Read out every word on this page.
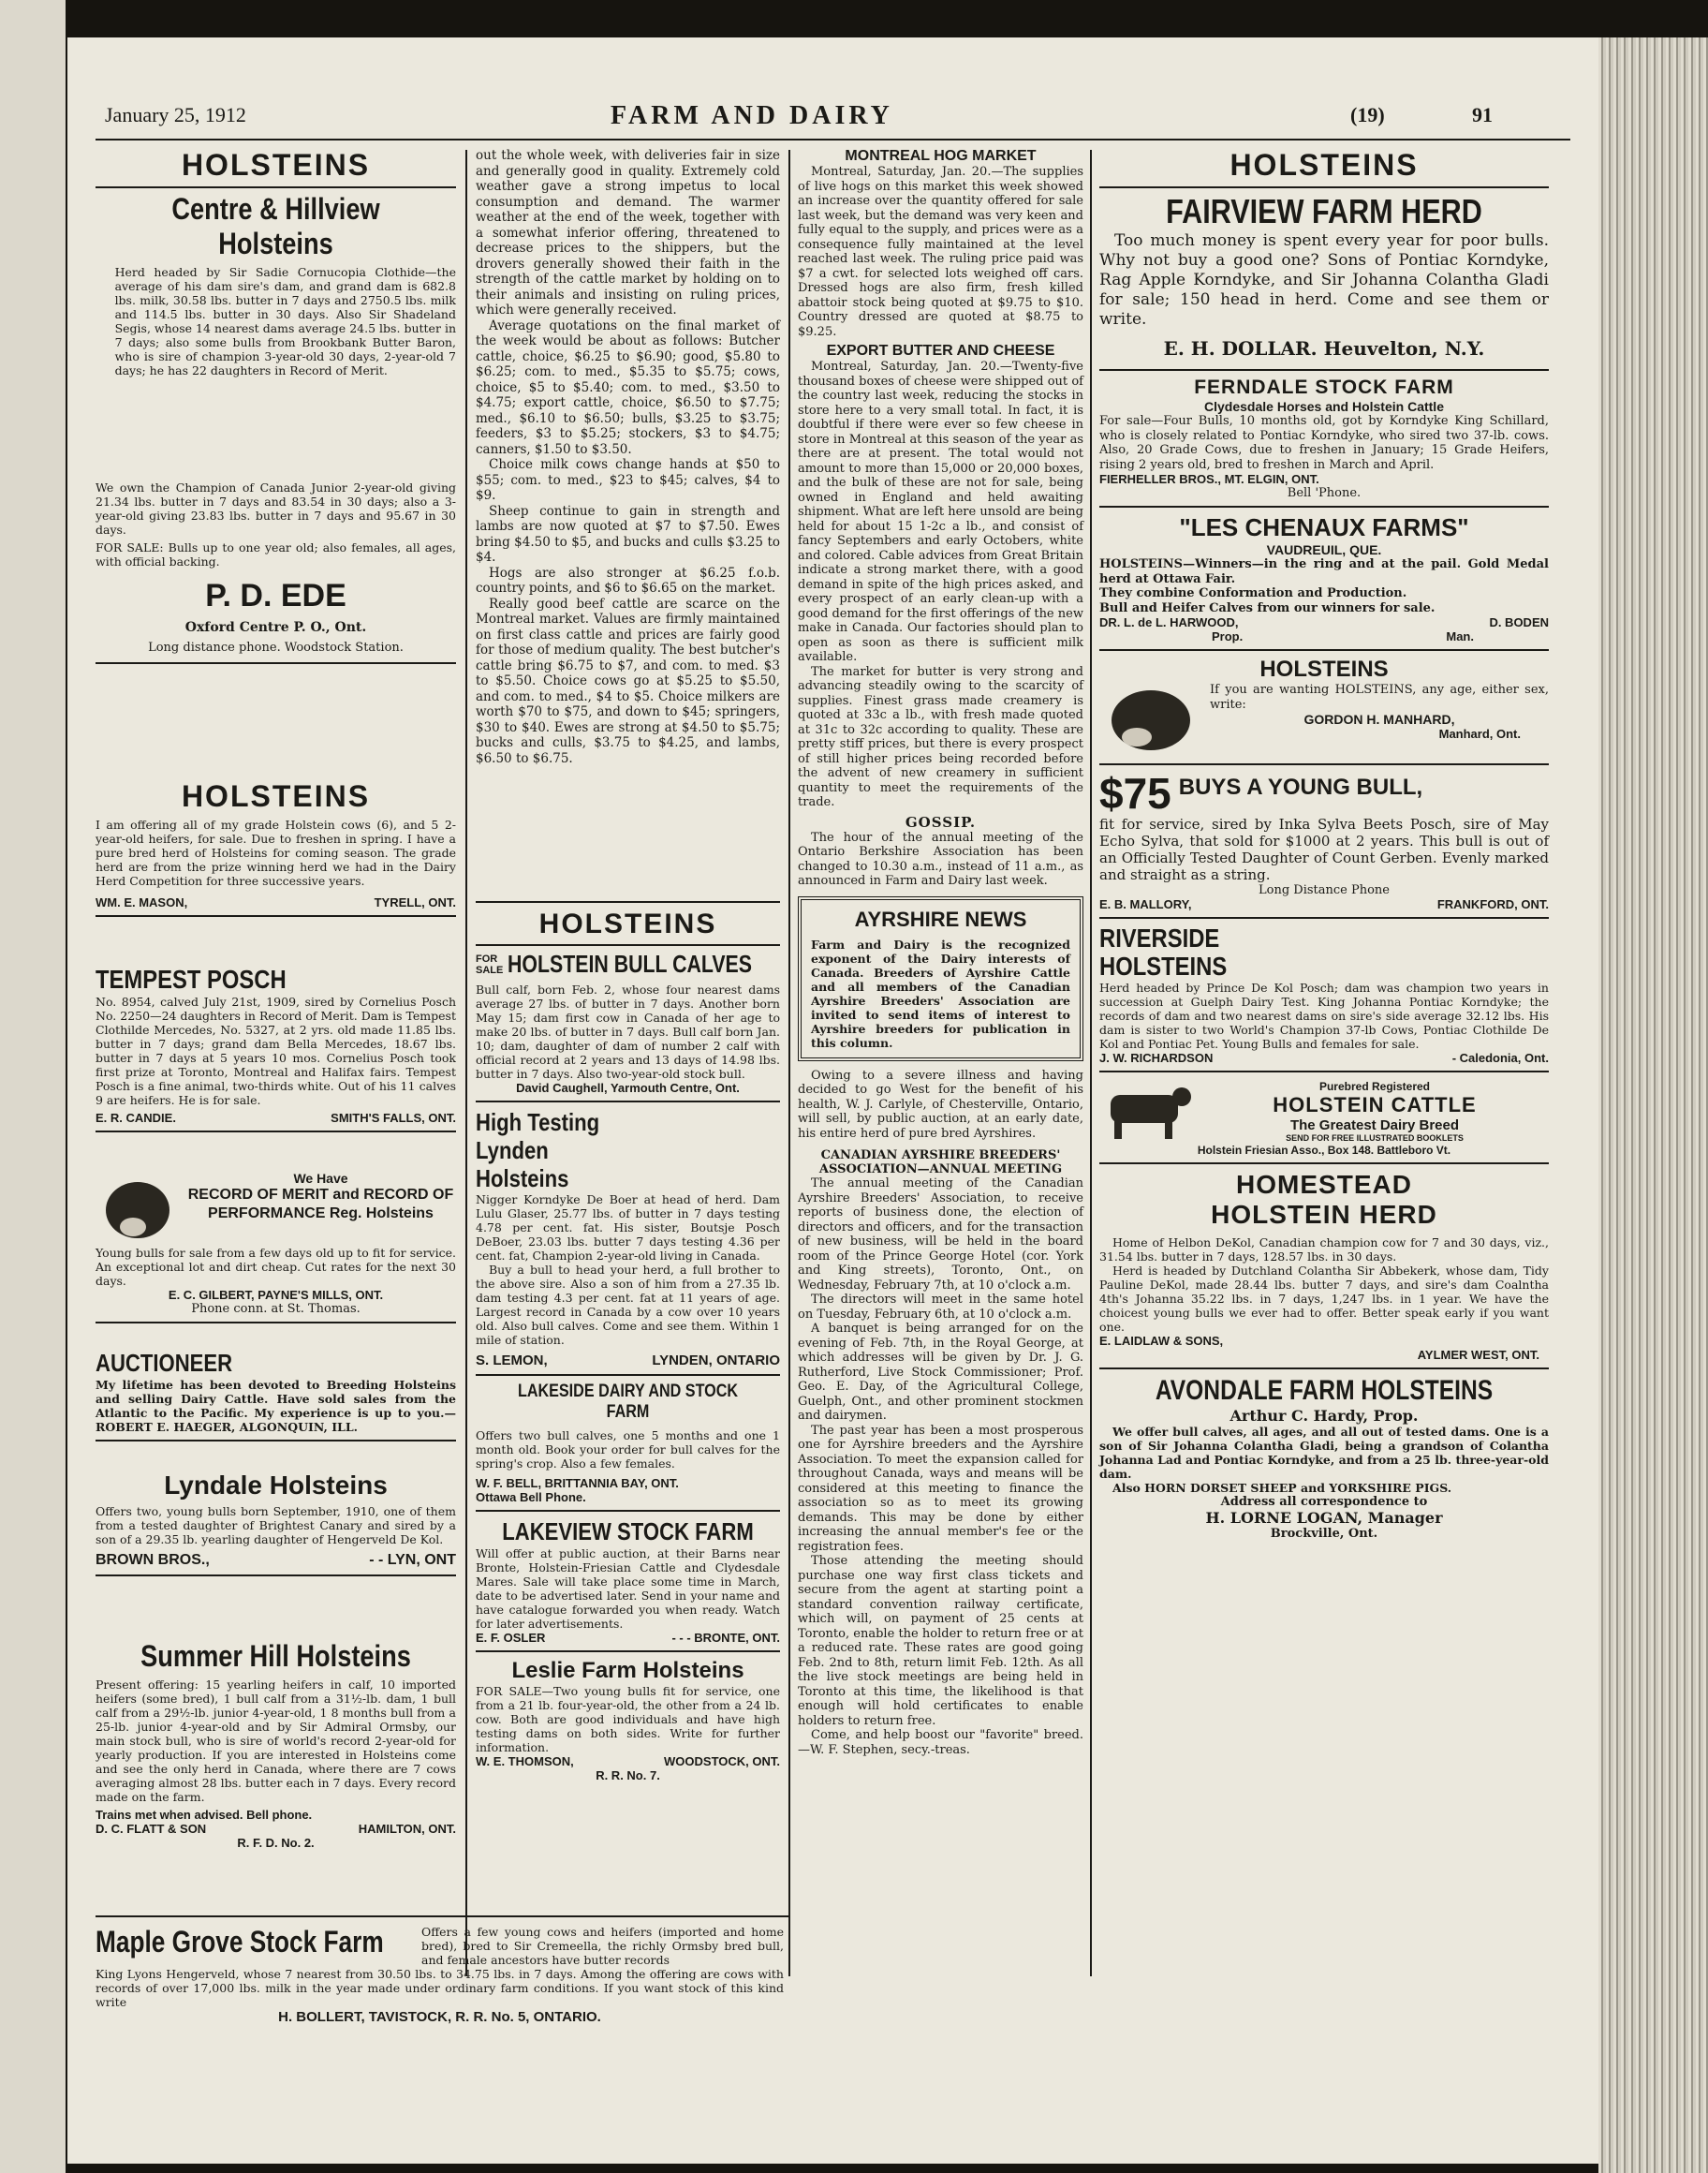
January 25, 1912	FARM AND DAIRY	(19)	91
HOLSTEINS
Centre & Hillview Holsteins

Herd headed by Sir Sadie Cornucopia Clothide—the average of his dam sire's dam, and grand dam is 682.8 lbs. milk, 30.58 lbs. butter in 7 days and 2750.5 lbs. milk and 114.5 lbs. butter in 30 days. Also Sir Shadeland Segis, whose 14 nearest dams average 24.5 lbs. butter in 7 days; also some bulls from Brookbank Butter Baron, who is sire of champion 3-year-old 30 days, 2-year-old 7 days; he has 22 daughters in Record of Merit.

We own the Champion of Canada Junior 2-year-old giving 21.34 lbs. butter in 7 days and 83.54 in 30 days; also a 3-year-old giving 23.83 lbs. butter in 7 days and 95.67 in 30 days.

FOR SALE: Bulls up to one year old; also females, all ages, with official backing.

P. D. EDE
Oxford Centre P. O., Ont.
Long distance phone. Woodstock Station.
HOLSTEINS

I am offering all of my grade Holstein cows (6), and 5 2-year-old heifers, for sale. Due to freshen in spring. I have a pure bred herd of Holsteins for coming season. The grade herd are from the prize winning herd we had in the Dairy Herd Competition for three successive years.

WM. E. MASON,	TYRELL, ONT.
TEMPEST POSCH

No. 8954, calved July 21st, 1909, sired by Cornelius Posch No. 2250—24 daughters in Record of Merit. Dam is Tempest Clothilde Mercedes, No. 5327, at 2 yrs. old made 11.85 lbs. butter in 7 days; grand dam Bella Mercedes, 18.67 lbs. butter in 7 days at 5 years 10 mos. Cornelius Posch took first prize at Toronto, Montreal and Halifax fairs. Tempest Posch is a fine animal, two-thirds white. Out of his 11 calves 9 are heifers. He is for sale.

E. R. CANDIE.	SMITH'S FALLS, ONT.
We Have
RECORD OF MERIT and RECORD OF PERFORMANCE Reg. Holsteins

Young bulls for sale from a few days old up to fit for service. An exceptional lot and dirt cheap. Cut rates for the next 30 days.

E. C. GILBERT, PAYNE'S MILLS, ONT.
Phone conn. at St. Thomas.
AUCTIONEER

My lifetime has been devoted to Breeding Holsteins and selling Dairy Cattle. Have sold sales from the Atlantic to the Pacific. My experience is up to you.—ROBERT E. HAEGER, ALGONQUIN, ILL.

Lyndale Holsteins

Offers two, young bulls born September, 1910, one of them from a tested daughter of Brightest Canary and sired by a son of a 29.35 lb. yearling daughter of Hengerveld De Kol.

BROWN BROS.,	- - LYN, ONT
Summer Hill Holsteins

Present offering: 15 yearling heifers in calf, 10 imported heifers (some bred), 1 bull calf from a 31½-lb. dam, 1 bull calf from a 29½-lb. junior 4-year-old, 1 8 months bull from a 25-lb. junior 4-year-old and by Sir Admiral Ormsby, our main stock bull, who is sire of world's record 2-year-old for yearly production. If you are interested in Holsteins come and see the only herd in Canada, where there are 7 cows averaging almost 28 lbs. butter each in 7 days. Every record made on the farm.

Trains met when advised. Bell phone.
D. C. FLATT & SON	HAMILTON, ONT.
R. F. D. No. 2.

out the whole week, with deliveries fair in size and generally good in quality. Extremely cold weather gave a strong impetus to local consumption and demand. The warmer weather at the end of the week, together with a somewhat inferior offering, threatened to decrease prices to the shippers, but the drovers generally showed their faith in the strength of the cattle market by holding on to their animals and insisting on ruling prices, which were generally received.

Average quotations on the final market of the week would be about as follows: Butcher cattle, choice, $6.25 to $6.90; good, $5.80 to $6.25; com. to med., $5.35 to $5.75; cows, choice, $5 to $5.40; com. to med., $3.50 to $4.75; export cattle, choice, $6.50 to $7.75; med., $6.10 to $6.50; bulls, $3.25 to $3.75; feeders, $3 to $5.25; stockers, $3 to $4.75; canners, $1.50 to $3.50.

Choice milk cows change hands at $50 to $55; com. to med., $23 to $45; calves, $4 to $9.

Sheep continue to gain in strength and lambs are now quoted at $7 to $7.50. Ewes bring $4.50 to $5, and bucks and culls $3.25 to $4.

Hogs are also stronger at $6.25 f.o.b. country points, and $6 to $6.65 on the market.

Really good beef cattle are scarce on the Montreal market. Values are firmly maintained on first class cattle and prices are fairly good for those of medium quality. The best butcher's cattle bring $6.75 to $7, and com. to med. $3 to $5.50. Choice cows go at $5.25 to $5.50, and com. to med., $4 to $5. Choice milkers are worth $70 to $75, and down to $45; springers, $30 to $40. Ewes are strong at $4.50 to $5.75; bucks and culls, $3.75 to $4.25, and lambs, $6.50 to $6.75.

HOLSTEINS
FOR SALE HOLSTEIN BULL CALVES

Bull calf, born Feb. 2, whose four nearest dams average 27 lbs. of butter in 7 days. Another born May 15; dam first cow in Canada of her age to make 20 lbs. of butter in 7 days. Bull calf born Jan. 10; dam, daughter of dam of number 2 calf with official record at 2 years and 13 days of 14.98 lbs. butter in 7 days. Also two-year-old stock bull.

David Caughell, Yarmouth Centre, Ont.
High Testing Lynden Holsteins

Nigger Korndyke De Boer at head of herd. Dam Lulu Glaser, 25.77 lbs. of butter in 7 days testing 4.78 per cent. fat. His sister, Boutsje Posch DeBoer, 23.03 lbs. butter 7 days testing 4.36 per cent. fat, Champion 2-year-old living in Canada.

Buy a bull to head your herd, a full brother to the above sire. Also a son of him from a 27.35 lb. dam testing 4.3 per cent. fat at 11 years of age. Largest record in Canada by a cow over 10 years old. Also bull calves. Come and see them. Within 1 mile of station.

S. LEMON,	LYNDEN, ONTARIO
LAKESIDE DAIRY AND STOCK FARM

Offers two bull calves, one 5 months and one 1 month old. Book your order for bull calves for the spring's crop. Also a few females.

W. F. BELL, BRITTANNIA BAY, ONT.
Ottawa Bell Phone.
LAKEVIEW STOCK FARM

Will offer at public auction, at their Barns near Bronte, Holstein-Friesian Cattle and Clydesdale Mares. Sale will take place some time in March, date to be advertised later. Send in your name and have catalogue forwarded you when ready. Watch for later advertisements.

E. F. OSLER	- - - BRONTE, ONT.
Leslie Farm Holsteins

FOR SALE—Two young bulls fit for service, one from a 21 lb. four-year-old, the other from a 24 lb. cow. Both are good individuals and have high testing dams on both sides. Write for further information.

W. E. THOMSON,	WOODSTOCK, ONT.
R. R. No. 7.
MONTREAL HOG MARKET

Montreal, Saturday, Jan. 20.—The supplies of live hogs on this market this week showed an increase over the quantity offered for sale last week, but the demand was very keen and fully equal to the supply, and prices were as a consequence fully maintained at the level reached last week. The ruling price paid was $7 a cwt. for selected lots weighed off cars. Dressed hogs are also firm, fresh killed abattoir stock being quoted at $9.75 to $10. Country dressed are quoted at $8.75 to $9.25.

EXPORT BUTTER AND CHEESE

Montreal, Saturday, Jan. 20.—Twenty-five thousand boxes of cheese were shipped out of the country last week, reducing the stocks in store here to a very small total. In fact, it is doubtful if there were ever so few cheese in store in Montreal at this season of the year as there are at present. The total would not amount to more than 15,000 or 20,000 boxes, and the bulk of these are not for sale, being owned in England and held awaiting shipment. What are left here unsold are being held for about 15 1-2c a lb., and consist of fancy Septembers and early Octobers, white and colored. Cable advices from Great Britain indicate a strong market there, with a good demand in spite of the high prices asked, and every prospect of an early clean-up with a good demand for the first offerings of the new make in Canada. Our factories should plan to open as soon as there is sufficient milk available.

The market for butter is very strong and advancing steadily owing to the scarcity of supplies. Finest grass made creamery is quoted at 33c a lb., with fresh made quoted at 31c to 32c according to quality. These are pretty stiff prices, but there is every prospect of still higher prices being recorded before the advent of new creamery in sufficient quantity to meet the requirements of the trade.

GOSSIP.

The hour of the annual meeting of the Ontario Berkshire Association has been changed to 10.30 a.m., instead of 11 a.m., as announced in Farm and Dairy last week.

AYRSHIRE NEWS

Farm and Dairy is the recognized exponent of the Dairy interests of Canada. Breeders of Ayrshire Cattle and all members of the Canadian Ayrshire Breeders' Association are invited to send items of interest to Ayrshire breeders for publication in this column.

Owing to a severe illness and having decided to go West for the benefit of his health, W. J. Carlyle, of Chesterville, Ontario, will sell, by public auction, at an early date, his entire herd of pure bred Ayrshires.

CANADIAN AYRSHIRE BREEDERS' ASSOCIATION—ANNUAL MEETING

The annual meeting of the Canadian Ayrshire Breeders' Association, to receive reports of business done, the election of directors and officers, and for the transaction of new business, will be held in the board room of the Prince George Hotel (cor. York and King streets), Toronto, Ont., on Wednesday, February 7th, at 10 o'clock a.m.

The directors will meet in the same hotel on Tuesday, February 6th, at 10 o'clock a.m.

A banquet is being arranged for on the evening of Feb. 7th, in the Royal George, at which addresses will be given by Dr. J. G. Rutherford, Live Stock Commissioner; Prof. Geo. E. Day, of the Agricultural College, Guelph, Ont., and other prominent stockmen and dairymen.

The past year has been a most prosperous one for Ayrshire breeders and the Ayrshire Association. To meet the expansion called for throughout Canada, ways and means will be considered at this meeting to finance the association so as to meet its growing demands. This may be done by either increasing the annual member's fee or the registration fees.

Those attending the meeting should purchase one way first class tickets and secure from the agent at starting point a standard convention railway certificate, which will, on payment of 25 cents at Toronto, enable the holder to return free or at a reduced rate. These rates are good going Feb. 2nd to 8th, return limit Feb. 12th. As all the live stock meetings are being held in Toronto at this time, the likelihood is that enough will hold certificates to enable holders to return free.

Come, and help boost our "favorite" breed.—W. F. Stephen, secy.-treas.

HOLSTEINS
FAIRVIEW FARM HERD

Too much money is spent every year for poor bulls. Why not buy a good one? Sons of Pontiac Korndyke, Rag Apple Korndyke, and Sir Johanna Colantha Gladi for sale; 150 head in herd. Come and see them or write.

E. H. DOLLAR. Heuvelton, N.Y.
FERNDALE STOCK FARM
Clydesdale Horses and Holstein Cattle

For sale—Four Bulls, 10 months old, got by Korndyke King Schillard, who is closely related to Pontiac Korndyke, who sired two 37-lb. cows. Also, 20 Grade Cows, due to freshen in January; 15 Grade Heifers, rising 2 years old, bred to freshen in March and April.

FIERHELLER BROS., MT. ELGIN, ONT.
Bell 'Phone.
"LES CHENAUX FARMS"
VAUDREUIL, QUE.

HOLSTEINS—Winners—in the ring and at the pail. Gold Medal herd at Ottawa Fair.

They combine Conformation and Production.

Bull and Heifer Calves from our winners for sale.

DR. L. de L. HARWOOD,	D. BODEN
Prop.	Man.
HOLSTEINS

If you are wanting HOLSTEINS, any age, either sex, write:

GORDON H. MANHARD,
Manhard, Ont.
$75 BUYS A YOUNG BULL,

fit for service, sired by Inka Sylva Beets Posch, sire of May Echo Sylva, that sold for $1000 at 2 years. This bull is out of an Officially Tested Daughter of Count Gerben. Evenly marked and straight as a string.

Long Distance Phone
E. B. MALLORY,	FRANKFORD, ONT.
RIVERSIDE
HOLSTEINS

Herd headed by Prince De Kol Posch; dam was champion two years in succession at Guelph Dairy Test. King Johanna Pontiac Korndyke; the records of dam and two nearest dams on sire's side average 32.12 lbs. His dam is sister to two World's Champion 37-lb Cows, Pontiac Clothilde De Kol and Pontiac Pet. Young Bulls and females for sale.

J. W. RICHARDSON	- Caledonia, Ont.
Purebred Registered
HOLSTEIN CATTLE
The Greatest Dairy Breed
SEND FOR FREE ILLUSTRATED BOOKLETS
Holstein Friesian Asso., Box 148. Battleboro Vt.
HOMESTEAD
HOLSTEIN HERD

Home of Helbon DeKol, Canadian champion cow for 7 and 30 days, viz., 31.54 lbs. butter in 7 days, 128.57 lbs. in 30 days.

Herd is headed by Dutchland Colantha Sir Abbekerk, whose dam, Tidy Pauline DeKol, made 28.44 lbs. butter 7 days, and sire's dam Coalntha 4th's Johanna 35.22 lbs. in 7 days, 1,247 lbs. in 1 year. We have the choicest young bulls we ever had to offer. Better speak early if you want one.

E. LAIDLAW & SONS,
AYLMER WEST, ONT.
AVONDALE FARM HOLSTEINS
Arthur C. Hardy, Prop.

We offer bull calves, all ages, and all out of tested dams. One is a son of Sir Johanna Colantha Gladi, being a grandson of Colantha Johanna Lad and Pontiac Korndyke, and from a 25 lb. three-year-old dam.

Also HORN DORSET SHEEP and YORKSHIRE PIGS.

Address all correspondence to
H. LORNE LOGAN, Manager
Brockville, Ont.
Maple Grove Stock Farm	Offers a few young cows and heifers (imported and home bred), bred to Sir Cremeella, the richly Ormsby bred bull, and female ancestors have butter records

King Lyons Hengerveld, whose 7 nearest from 30.50 lbs. to 34.75 lbs. in 7 days. Among the offering are cows with records of over 17,000 lbs. milk in the year made under ordinary farm conditions. If you want stock of this kind write

H. BOLLERT, TAVISTOCK, R. R. No. 5, ONTARIO.
